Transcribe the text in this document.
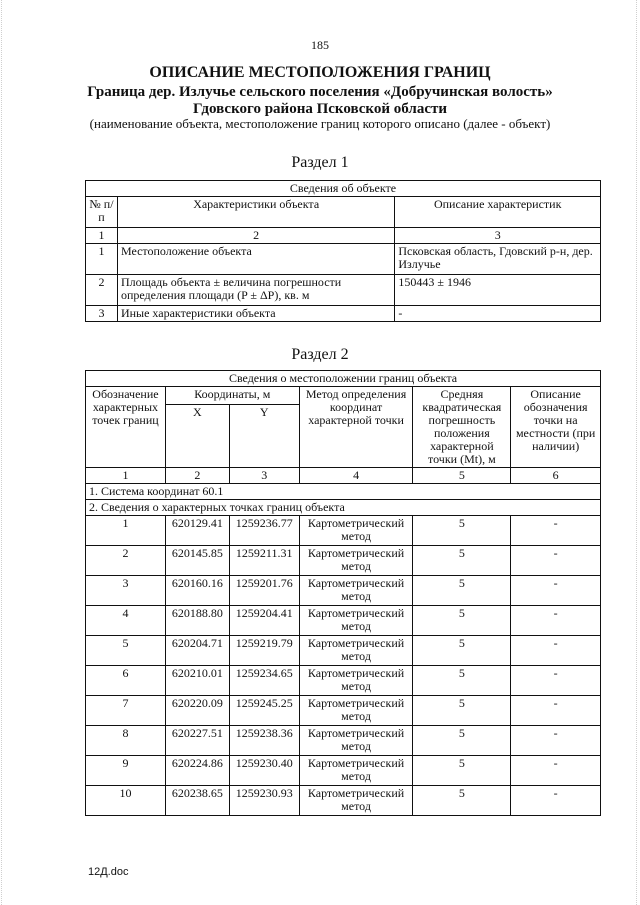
185
ОПИСАНИЕ МЕСТОПОЛОЖЕНИЯ ГРАНИЦ
Граница дер. Излучье сельского поселения «Добручинская волость»
Гдовского района Псковской области
(наименование объекта, местоположение границ которого описано (далее - объект)
Раздел 1
Сведения об объекте		
№ п/п	Характеристики объекта	Описание характеристик
1	2	3
1	Местоположение объекта	Псковская область, Гдовский р-н, дер. Излучье
2	Площадь объекта ± величина погрешности определения площади (P ± ΔP), кв. м	150443 ± 1946
3	Иные характеристики объекта	-
Раздел 2
Сведения о местоположении границ объекта					
Обозначение характерных точек границ	Координаты, м		Метод определения координат характерной точки	Средняя квадратическая погрешность положения характерной точки (Mt), м	Описание обозначения точки на местности (при наличии)
	X	Y			
1	2	3	4	5	6
1. Система координат 60.1					
2. Сведения о характерных точках границ объекта					
1	620129.41	1259236.77	Картометрический метод	5	-
2	620145.85	1259211.31	Картометрический метод	5	-
3	620160.16	1259201.76	Картометрический метод	5	-
4	620188.80	1259204.41	Картометрический метод	5	-
5	620204.71	1259219.79	Картометрический метод	5	-
6	620210.01	1259234.65	Картометрический метод	5	-
7	620220.09	1259245.25	Картометрический метод	5	-
8	620227.51	1259238.36	Картометрический метод	5	-
9	620224.86	1259230.40	Картометрический метод	5	-
10	620238.65	1259230.93	Картометрический метод	5	-
12Д.doc
